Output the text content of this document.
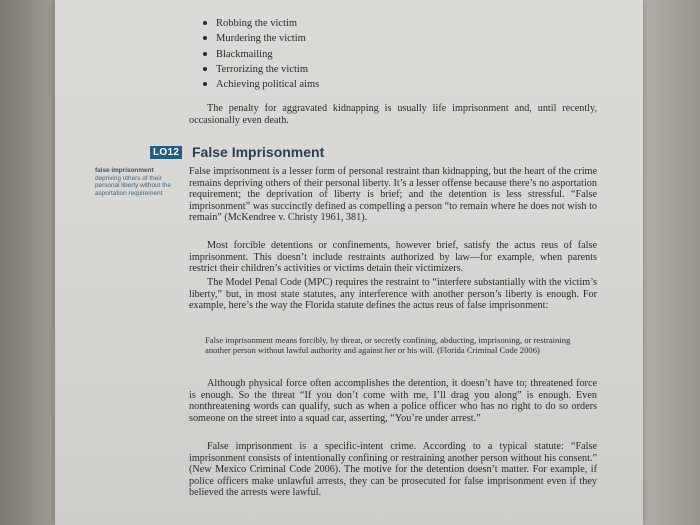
Robbing the victim
Murdering the victim
Blackmailing
Terrorizing the victim
Achieving political aims
The penalty for aggravated kidnapping is usually life imprisonment and, until recently, occasionally even death.
LO12 False Imprisonment
false imprisonment
depriving others of their personal liberty without the asportation requirement
False imprisonment is a lesser form of personal restraint than kidnapping, but the heart of the crime remains depriving others of their personal liberty. It’s a lesser offense because there’s no asportation requirement; the deprivation of liberty is brief; and the detention is less stressful. “False imprisonment” was succinctly defined as compelling a person “to remain where he does not wish to remain” (McKendree v. Christy 1961, 381).
Most forcible detentions or confinements, however brief, satisfy the actus reus of false imprisonment. This doesn’t include restraints authorized by law—for example, when parents restrict their children’s activities or victims detain their victimizers.
The Model Penal Code (MPC) requires the restraint to “interfere substantially with the victim’s liberty,” but, in most state statutes, any interference with another person’s liberty is enough. For example, here’s the way the Florida statute defines the actus reus of false imprisonment:
False imprisonment means forcibly, by threat, or secretly confining, abducting, imprisoning, or restraining another person without lawful authority and against her or his will. (Florida Criminal Code 2006)
Although physical force often accomplishes the detention, it doesn’t have to; threatened force is enough. So the threat “If you don’t come with me, I’ll drag you along” is enough. Even nonthreatening words can qualify, such as when a police officer who has no right to do so orders someone on the street into a squad car, asserting, “You’re under arrest.”
False imprisonment is a specific-intent crime. According to a typical statute: “False imprisonment consists of intentionally confining or restraining another person without his consent.” (New Mexico Criminal Code 2006). The motive for the detention doesn’t matter. For example, if police officers make unlawful arrests, they can be prosecuted for false imprisonment even if they believed the arrests were lawful.
